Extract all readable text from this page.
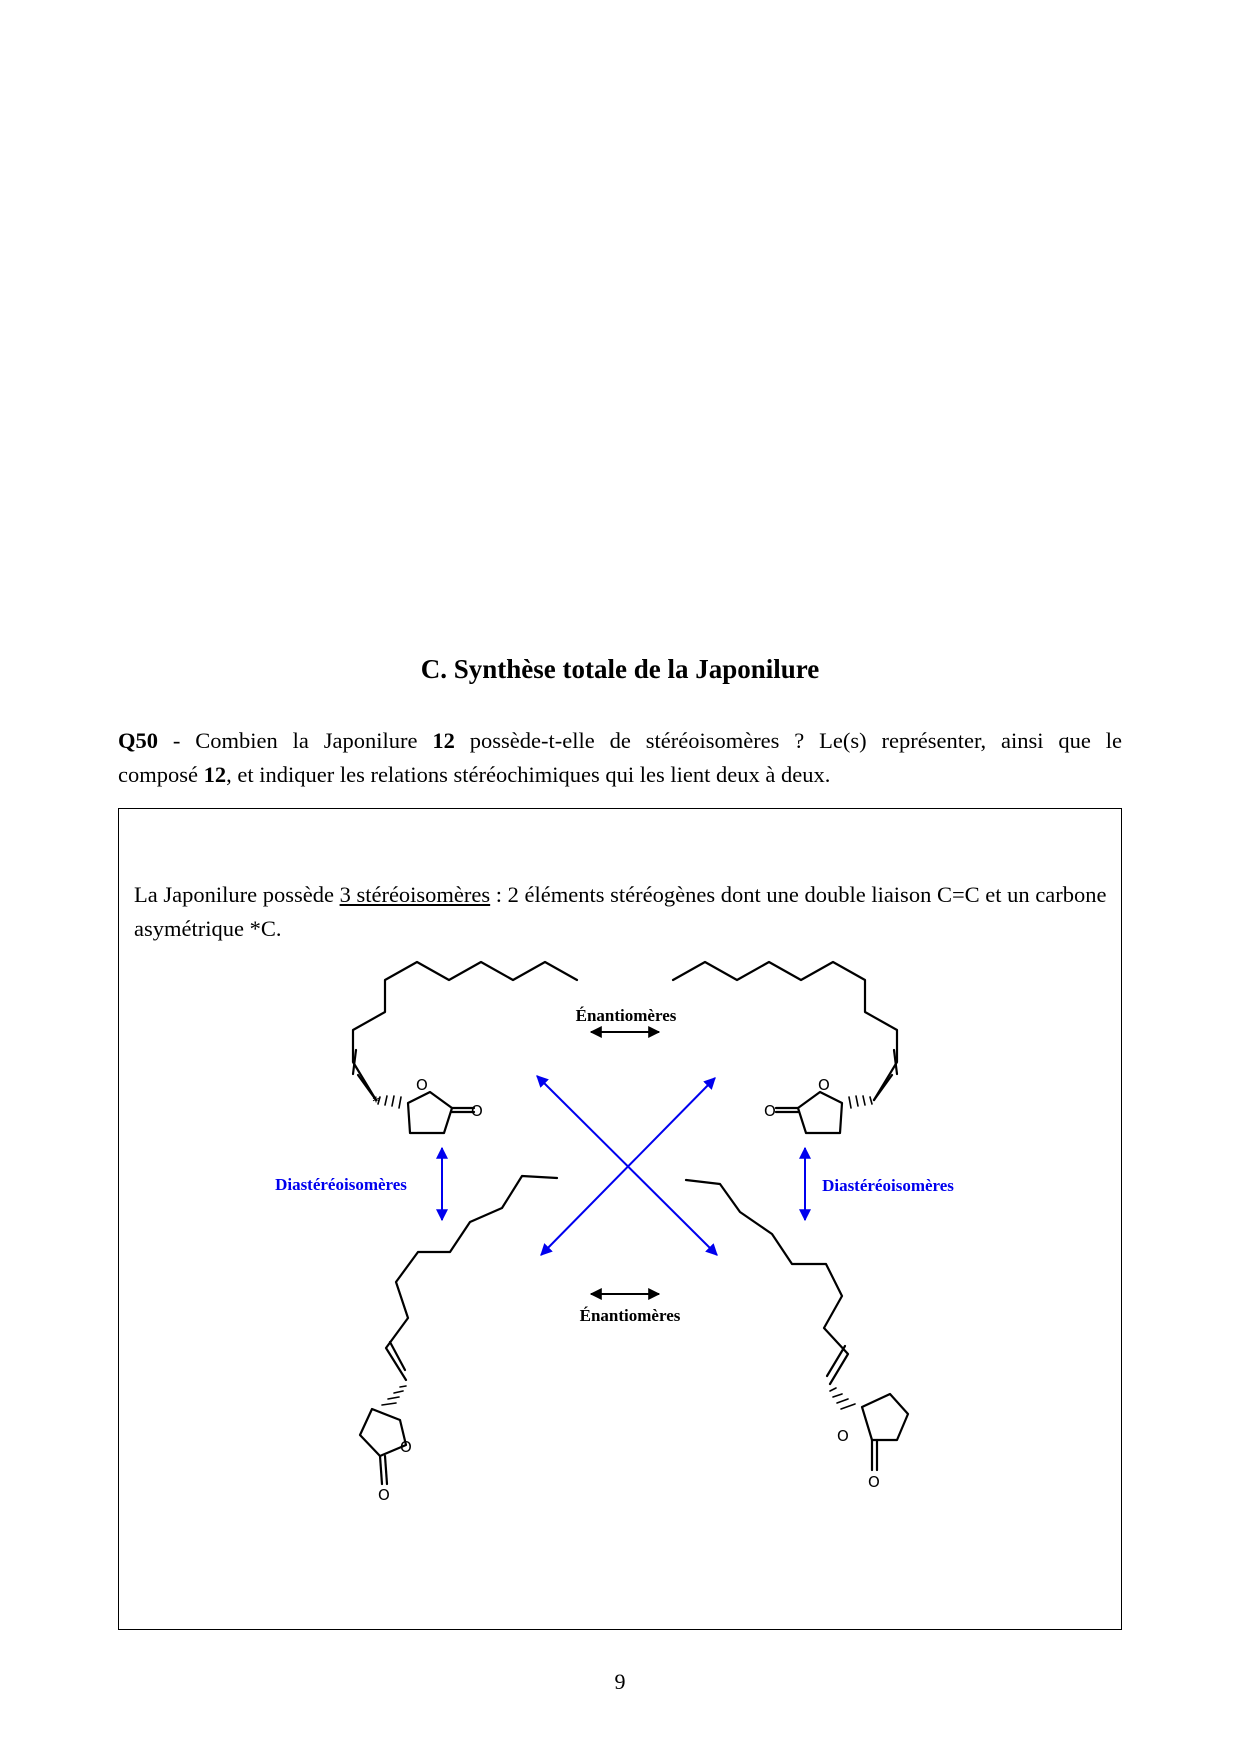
C. Synthèse totale de la Japonilure
Q50 - Combien la Japonilure 12 possède-t-elle de stéréoisomères ? Le(s) représenter, ainsi que le
composé 12, et indiquer les relations stéréochimiques qui les lient deux à deux.
La Japonilure possède 3 stéréoisomères : 2 éléments stéréogènes dont une double liaison C=C et un carbone asymétrique *C.
O
O
*
O
O
O
O
O
O
Énantiomères
Énantiomères
Diastéréoisomères	Diastéréoisomères
9
